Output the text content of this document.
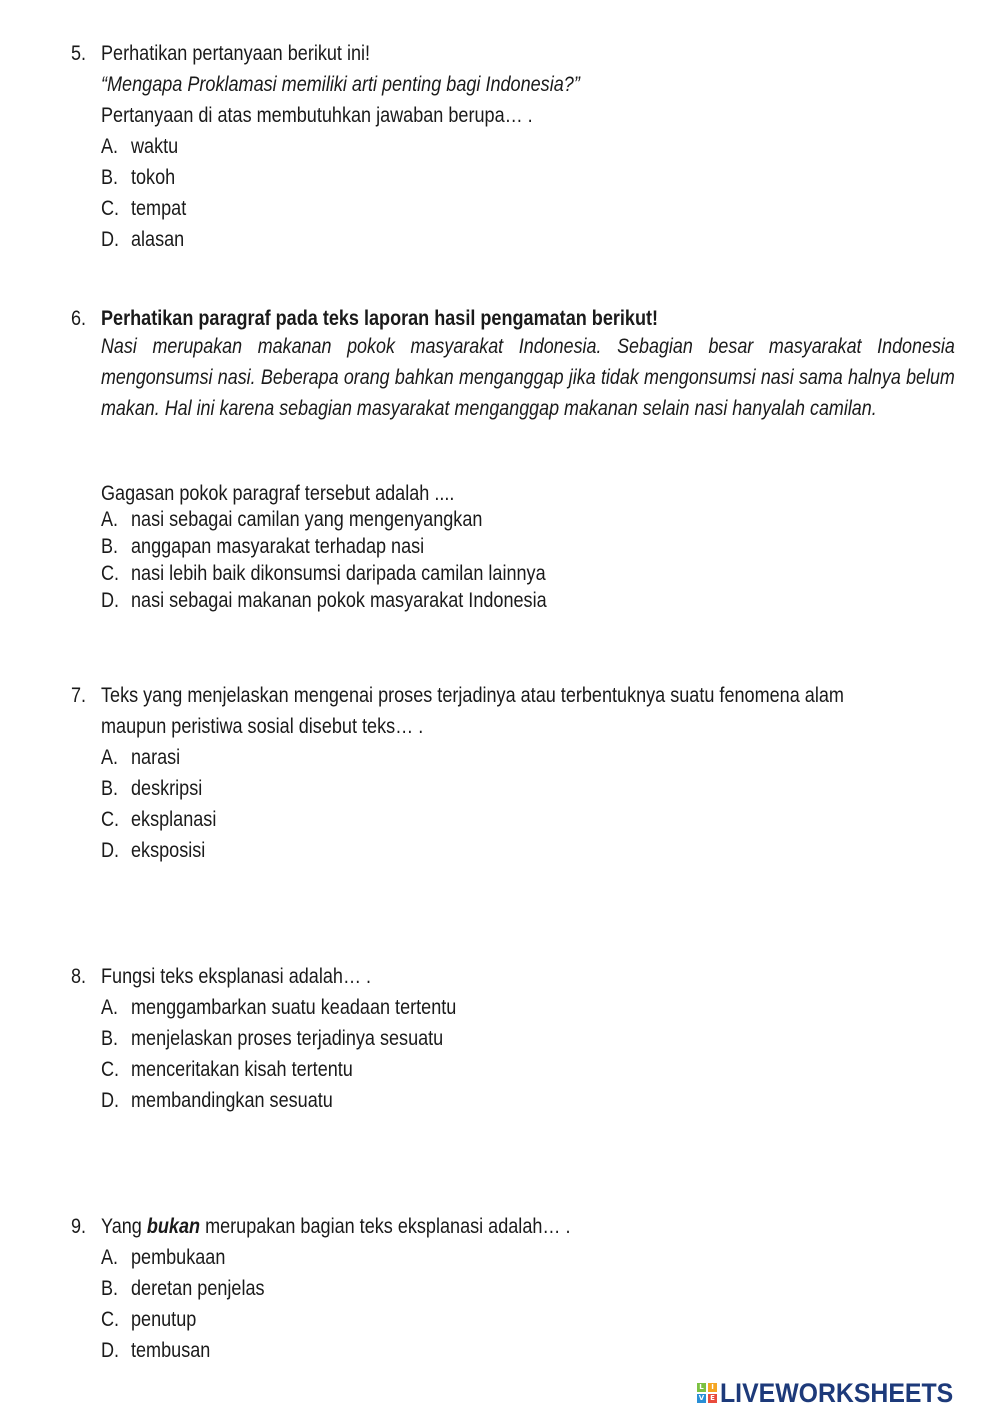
5. Perhatikan pertanyaan berikut ini!
“Mengapa Proklamasi memiliki arti penting bagi Indonesia?”
Pertanyaan di atas membutuhkan jawaban berupa… .
A. waktu
B. tokoh
C. tempat
D. alasan
6. Perhatikan paragraf pada teks laporan hasil pengamatan berikut!
Nasi merupakan makanan pokok masyarakat Indonesia. Sebagian besar masyarakat Indonesia mengonsumsi nasi. Beberapa orang bahkan menganggap jika tidak mengonsumsi nasi sama halnya belum makan. Hal ini karena sebagian masyarakat menganggap makanan selain nasi hanyalah camilan.
Gagasan pokok paragraf tersebut adalah ....
A. nasi sebagai camilan yang mengenyangkan
B. anggapan masyarakat terhadap nasi
C. nasi lebih baik dikonsumsi daripada camilan lainnya
D. nasi sebagai makanan pokok masyarakat Indonesia
7. Teks yang menjelaskan mengenai proses terjadinya atau terbentuknya suatu fenomena alam
maupun peristiwa sosial disebut teks… .
A. narasi
B. deskripsi
C. eksplanasi
D. eksposisi
8. Fungsi teks eksplanasi adalah… .
A. menggambarkan suatu keadaan tertentu
B. menjelaskan proses terjadinya sesuatu
C. menceritakan kisah tertentu
D. membandingkan sesuatu
9. Yang bukan merupakan bagian teks eksplanasi adalah… .
A. pembukaan
B. deretan penjelas
C. penutup
D. tembusan
L	I
V E LIVEWORKSHEETS
